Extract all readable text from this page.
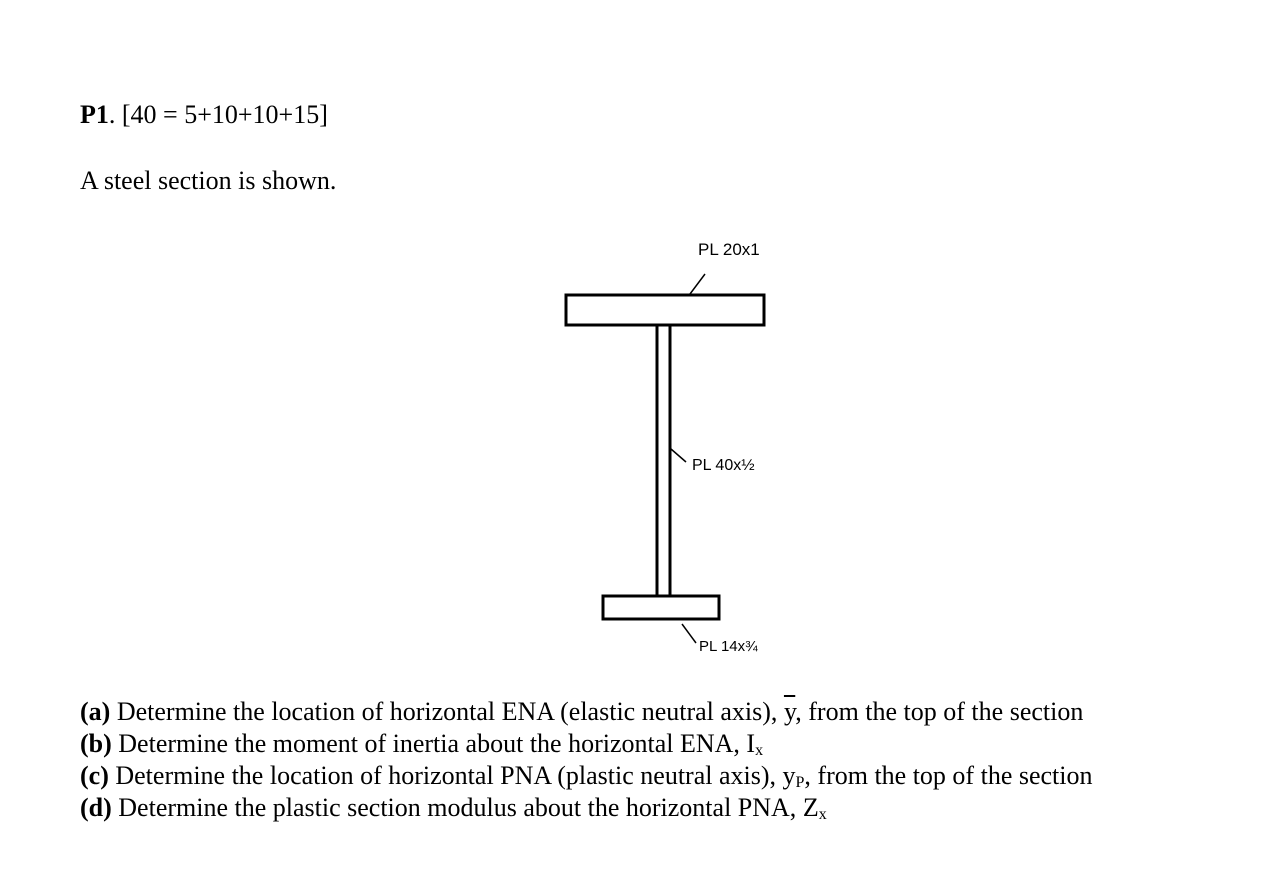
P1. [40 = 5+10+10+15]
A steel section is shown.
PL 20x1
PL 40x½
PL 14x¾
(a) Determine the location of horizontal ENA (elastic neutral axis), $\overline{y}$, from the top of the section
(b) Determine the moment of inertia about the horizontal ENA, $I_x$
(c) Determine the location of horizontal PNA (plastic neutral axis), $y_P$, from the top of the section
(d) Determine the plastic section modulus about the horizontal PNA, $Z_x$
